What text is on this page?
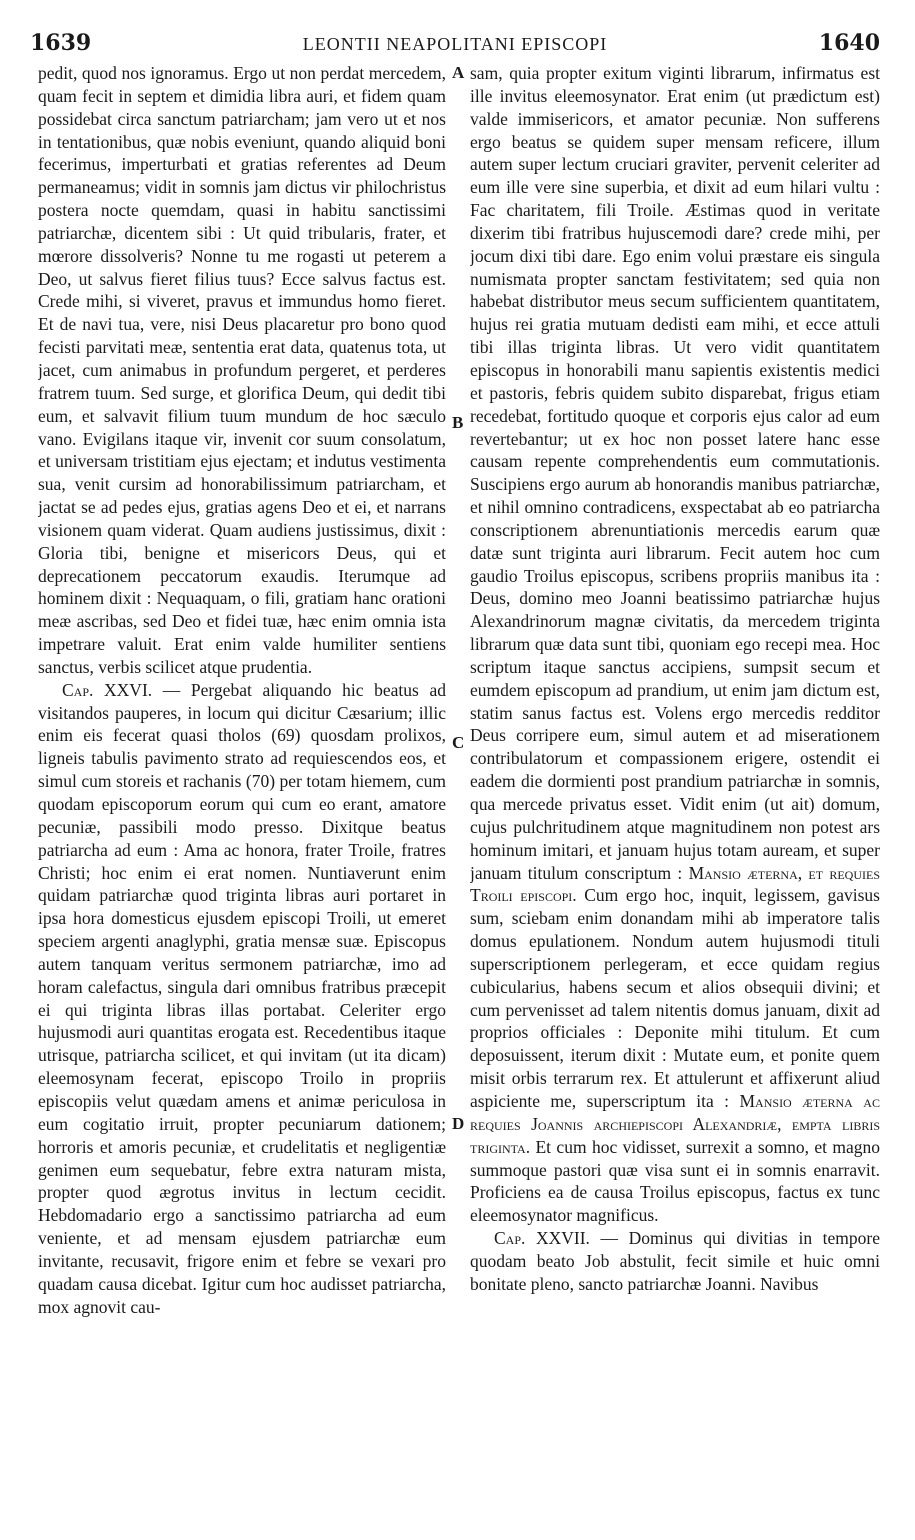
1639	LEONTII NEAPOLITANI EPISCOPI	1640

pedit, quod nos ignoramus. Ergo ut non perdat mercedem, quam fecit in septem et dimidia libra auri, et fidem quam possidebat circa sanctum patriarcham; jam vero ut et nos in tentationibus, quæ nobis eveniunt, quando aliquid boni fecerimus, imperturbati et gratias referentes ad Deum permaneamus; vidit in somnis jam dictus vir philochristus postera nocte quemdam, quasi in habitu sanctissimi patriarchæ, dicentem sibi : Ut quid tribularis, frater, et mœrore dissolveris? Nonne tu me rogasti ut peterem a Deo, ut salvus fieret filius tuus? Ecce salvus factus est. Crede mihi, si viveret, pravus et immundus homo fieret. Et de navi tua, vere, nisi Deus placaretur pro bono quod fecisti parvitati meæ, sententia erat data, quatenus tota, ut jacet, cum animabus in profundum pergeret, et perderes fratrem tuum. Sed surge, et glorifica Deum, qui dedit tibi eum, et salvavit filium tuum mundum de hoc sæculo vano. Evigilans itaque vir, invenit cor suum consolatum, et universam tristitiam ejus ejectam; et indutus vestimenta sua, venit cursim ad honorabilissimum patriarcham, et jactat se ad pedes ejus, gratias agens Deo et ei, et narrans visionem quam viderat. Quam audiens justissimus, dixit : Gloria tibi, benigne et misericors Deus, qui et deprecationem peccatorum exaudis. Iterumque ad hominem dixit : Nequaquam, o fili, gratiam hanc orationi meæ ascribas, sed Deo et fidei tuæ, hæc enim omnia ista impetrare valuit. Erat enim valde humiliter sentiens sanctus, verbis scilicet atque prudentia.

Cap. XXVI. — Pergebat aliquando hic beatus ad visitandos pauperes, in locum qui dicitur Cæsarium; illic enim eis fecerat quasi tholos (69) quosdam prolixos, ligneis tabulis pavimento strato ad requiescendos eos, et simul cum storeis et rachanis (70) per totam hiemem, cum quodam episcoporum eorum qui cum eo erant, amatore pecuniæ, passibili modo presso. Dixitque beatus patriarcha ad eum : Ama ac honora, frater Troile, fratres Christi; hoc enim ei erat nomen. Nuntiaverunt enim quidam patriarchæ quod triginta libras auri portaret in ipsa hora domesticus ejusdem episcopi Troili, ut emeret speciem argenti anaglyphi, gratia mensæ suæ. Episcopus autem tanquam veritus sermonem patriarchæ, imo ad horam calefactus, singula dari omnibus fratribus præcepit ei qui triginta libras illas portabat. Celeriter ergo hujusmodi auri quantitas erogata est. Recedentibus itaque utrisque, patriarcha scilicet, et qui invitam (ut ita dicam) eleemosynam fecerat, episcopo Troilo in propriis episcopiis velut quædam amens et animæ periculosa in eum cogitatio irruit, propter pecuniarum dationem; horroris et amoris pecuniæ, et crudelitatis et negligentiæ genimen eum sequebatur, febre extra naturam mista, propter quod ægrotus invitus in lectum cecidit. Hebdomadario ergo a sanctissimo patriarcha ad eum veniente, et ad mensam ejusdem patriarchæ eum invitante, recusavit, frigore enim et febre se vexari pro quadam causa dicebat. Igitur cum hoc audisset patriarcha, mox agnovit cau-

A
B
C
D

sam, quia propter exitum viginti librarum, infirmatus est ille invitus eleemosynator. Erat enim (ut prædictum est) valde immisericors, et amator pecuniæ. Non sufferens ergo beatus se quidem super mensam reficere, illum autem super lectum cruciari graviter, pervenit celeriter ad eum ille vere sine superbia, et dixit ad eum hilari vultu : Fac charitatem, fili Troile. Æstimas quod in veritate dixerim tibi fratribus hujuscemodi dare? crede mihi, per jocum dixi tibi dare. Ego enim volui præstare eis singula numismata propter sanctam festivitatem; sed quia non habebat distributor meus secum sufficientem quantitatem, hujus rei gratia mutuam dedisti eam mihi, et ecce attuli tibi illas triginta libras. Ut vero vidit quantitatem episcopus in honorabili manu sapientis existentis medici et pastoris, febris quidem subito disparebat, frigus etiam recedebat, fortitudo quoque et corporis ejus calor ad eum revertebantur; ut ex hoc non posset latere hanc esse causam repente comprehendentis eum commutationis. Suscipiens ergo aurum ab honorandis manibus patriarchæ, et nihil omnino contradicens, exspectabat ab eo patriarcha conscriptionem abrenuntiationis mercedis earum quæ datæ sunt triginta auri librarum. Fecit autem hoc cum gaudio Troilus episcopus, scribens propriis manibus ita : Deus, domino meo Joanni beatissimo patriarchæ hujus Alexandrinorum magnæ civitatis, da mercedem triginta librarum quæ data sunt tibi, quoniam ego recepi mea. Hoc scriptum itaque sanctus accipiens, sumpsit secum et eumdem episcopum ad prandium, ut enim jam dictum est, statim sanus factus est. Volens ergo mercedis redditor Deus corripere eum, simul autem et ad miserationem contribulatorum et compassionem erigere, ostendit ei eadem die dormienti post prandium patriarchæ in somnis, qua mercede privatus esset. Vidit enim (ut ait) domum, cujus pulchritudinem atque magnitudinem non potest ars hominum imitari, et januam hujus totam auream, et super januam titulum conscriptum : Mansio æterna, et requies Troili episcopi. Cum ergo hoc, inquit, legissem, gavisus sum, sciebam enim donandam mihi ab imperatore talis domus epulationem. Nondum autem hujusmodi tituli superscriptionem perlegeram, et ecce quidam regius cubicularius, habens secum et alios obsequii divini; et cum pervenisset ad talem nitentis domus januam, dixit ad proprios officiales : Deponite mihi titulum. Et cum deposuissent, iterum dixit : Mutate eum, et ponite quem misit orbis terrarum rex. Et attulerunt et affixerunt aliud aspiciente me, superscriptum ita : Mansio æterna ac requies Joannis archiepiscopi Alexandriæ, empta libris triginta. Et cum hoc vidisset, surrexit a somno, et magno summoque pastori quæ visa sunt ei in somnis enarravit. Proficiens ea de causa Troilus episcopus, factus ex tunc eleemosynator magnificus.

Cap. XXVII. — Dominus qui divitias in tempore quodam beato Job abstulit, fecit simile et huic omni bonitate pleno, sancto patriarchæ Joanni. Navibus
